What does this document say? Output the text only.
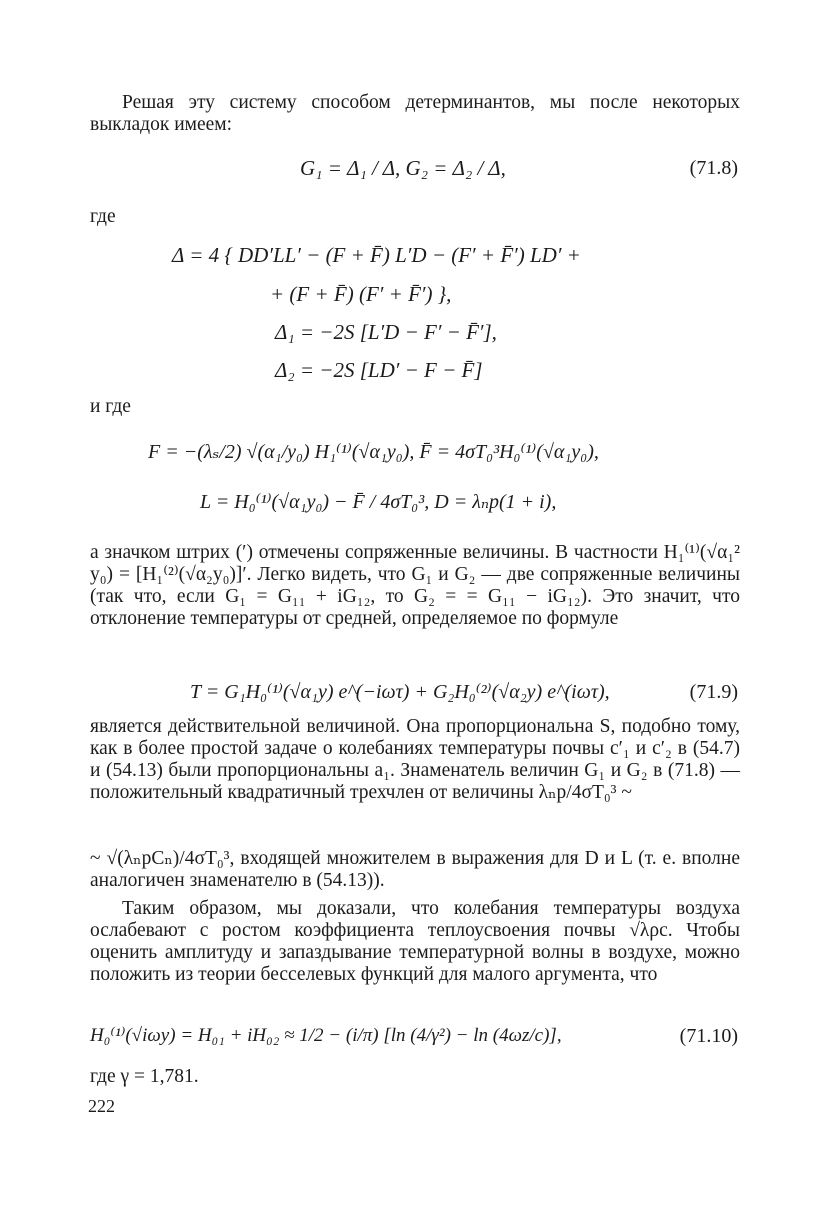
Решая эту систему способом детерминантов, мы после некоторых выкладок имеем:
G₁ = Δ₁ / Δ, G₂ = Δ₂ / Δ,	(71.8)
где
Δ = 4 { DD′LL′ − (F + F̄) L′D − (F′ + F̄′) LD′ +
+ (F + F̄) (F′ + F̄′) },
Δ₁ = −2S [L′D − F′ − F̄′],
Δ₂ = −2S [LD′ − F − F̄]
и где
F = −(λₛ/2) √(α₁/y₀) H₁⁽¹⁾(√α₁y₀), F̄ = 4σT₀³H₀⁽¹⁾(√α₁y₀),
L = H₀⁽¹⁾(√α₁y₀) − F̄ / 4σT₀³, D = λₙp(1 + i),
а значком штрих (′) отмечены сопряженные величины. В частности H₁⁽¹⁾(√α₁² y₀) = [H₁⁽²⁾(√α₂y₀)]′. Легко видеть, что G₁ и G₂ — две сопряженные величины (так что, если G₁ = G₁₁ + iG₁₂, то G₂ = = G₁₁ − iG₁₂). Это значит, что отклонение температуры от средней, определяемое по формуле
T = G₁H₀⁽¹⁾(√α₁y) e^(−iωτ) + G₂H₀⁽²⁾(√α₂y) e^(iωτ),	(71.9)
является действительной величиной. Она пропорциональна S, подобно тому, как в более простой задаче о колебаниях температуры почвы c′₁ и c′₂ в (54.7) и (54.13) были пропорциональны a₁. Знаменатель величин G₁ и G₂ в (71.8) — положительный квадратичный трехчлен от величины λₙp/4σT₀³ ~
~ √(λₙpCₙ)/4σT₀³, входящей множителем в выражения для D и L (т. е. вполне аналогичен знаменателю в (54.13)).
Таким образом, мы доказали, что колебания температуры воздуха ослабевают с ростом коэффициента теплоусвоения почвы √λρc. Чтобы оценить амплитуду и запаздывание температурной волны в воздухе, можно положить из теории бесселевых функций для малого аргумента, что
H₀⁽¹⁾(√iωy) = H₀₁ + iH₀₂ ≈ 1/2 − (i/π) [ln (4/γ²) − ln (4ωz/c)],	(71.10)
где γ = 1,781.
222
